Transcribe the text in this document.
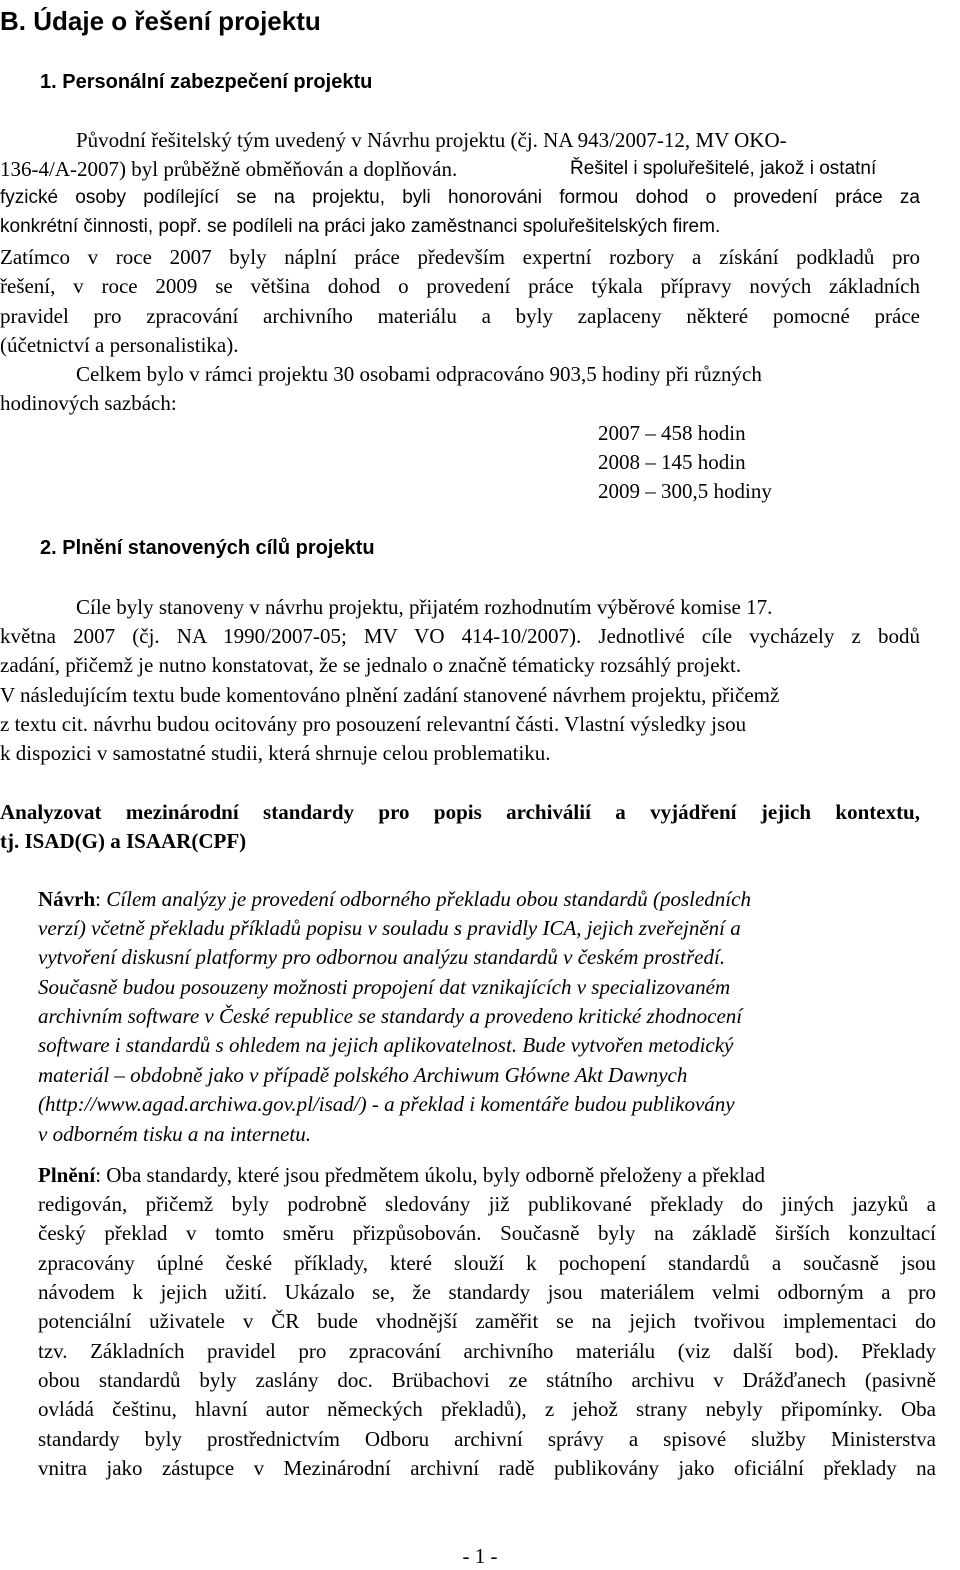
B. Údaje o řešení projektu
1. Personální zabezpečení projektu
Původní řešitelský tým uvedený v Návrhu projektu (čj. NA 943/2007-12, MV OKO-
136-4/A-2007) byl průběžně obměňován a doplňován.	Řešitel i spoluřešitelé, jakož i ostatní
fyzické osoby podílející se na projektu, byli honorováni formou dohod o provedení práce za
konkrétní činnosti, popř. se podíleli na práci jako zaměstnanci spoluřešitelských firem.
Zatímco v roce 2007 byly náplní práce především expertní rozbory a získání podkladů pro
řešení, v roce 2009 se většina dohod o provedení práce týkala přípravy nových základních
pravidel pro zpracování archivního materiálu a byly zaplaceny některé pomocné práce
(účetnictví a personalistika).
Celkem bylo v rámci projektu 30 osobami odpracováno 903,5 hodiny při různých
hodinových sazbách:
2007 – 458 hodin
2008 – 145 hodin
2009 – 300,5 hodiny
2. Plnění stanovených cílů projektu
Cíle byly stanoveny v návrhu projektu, přijatém rozhodnutím výběrové komise 17.
května 2007 (čj. NA 1990/2007-05; MV VO 414-10/2007). Jednotlivé cíle vycházely z bodů
zadání, přičemž je nutno konstatovat, že se jednalo o značně tématicky rozsáhlý projekt.
V následujícím textu bude komentováno plnění zadání stanovené návrhem projektu, přičemž
z textu cit. návrhu budou ocitovány pro posouzení relevantní části. Vlastní výsledky jsou
k dispozici v samostatné studii, která shrnuje celou problematiku.
Analyzovat mezinárodní standardy pro popis archiválií a vyjádření jejich kontextu,
tj. ISAD(G) a ISAAR(CPF)
Návrh: Cílem analýzy je provedení odborného překladu obou standardů (posledních
verzí) včetně překladu příkladů popisu v souladu s pravidly ICA, jejich zveřejnění a
vytvoření diskusní platformy pro odbornou analýzu standardů v českém prostředí.
Současně budou posouzeny možnosti propojení dat vznikajících v specializovaném
archivním software v České republice se standardy a provedeno kritické zhodnocení
software i standardů s ohledem na jejich aplikovatelnost. Bude vytvořen metodický
materiál – obdobně jako v případě polského Archiwum Główne Akt Dawnych
(http://www.agad.archiwa.gov.pl/isad/) - a překlad i komentáře budou publikovány
v odborném tisku a na internetu.
Plnění: Oba standardy, které jsou předmětem úkolu, byly odborně přeloženy a překlad
redigován, přičemž byly podrobně sledovány již publikované překlady do jiných jazyků a
český překlad v tomto směru přizpůsobován. Současně byly na základě širších konzultací
zpracovány úplné české příklady, které slouží k pochopení standardů a současně jsou
návodem k jejich užití. Ukázalo se, že standardy jsou materiálem velmi odborným a pro
potenciální uživatele v ČR bude vhodnější zaměřit se na jejich tvořivou implementaci do
tzv. Základních pravidel pro zpracování archivního materiálu (viz další bod). Překlady
obou standardů byly zaslány doc. Brübachovi ze státního archivu v Drážďanech (pasivně
ovládá češtinu, hlavní autor německých překladů), z jehož strany nebyly připomínky. Oba
standardy byly prostřednictvím Odboru archivní správy a spisové služby Ministerstva
vnitra jako zástupce v Mezinárodní archivní radě publikovány jako oficiální překlady na
- 1 -
